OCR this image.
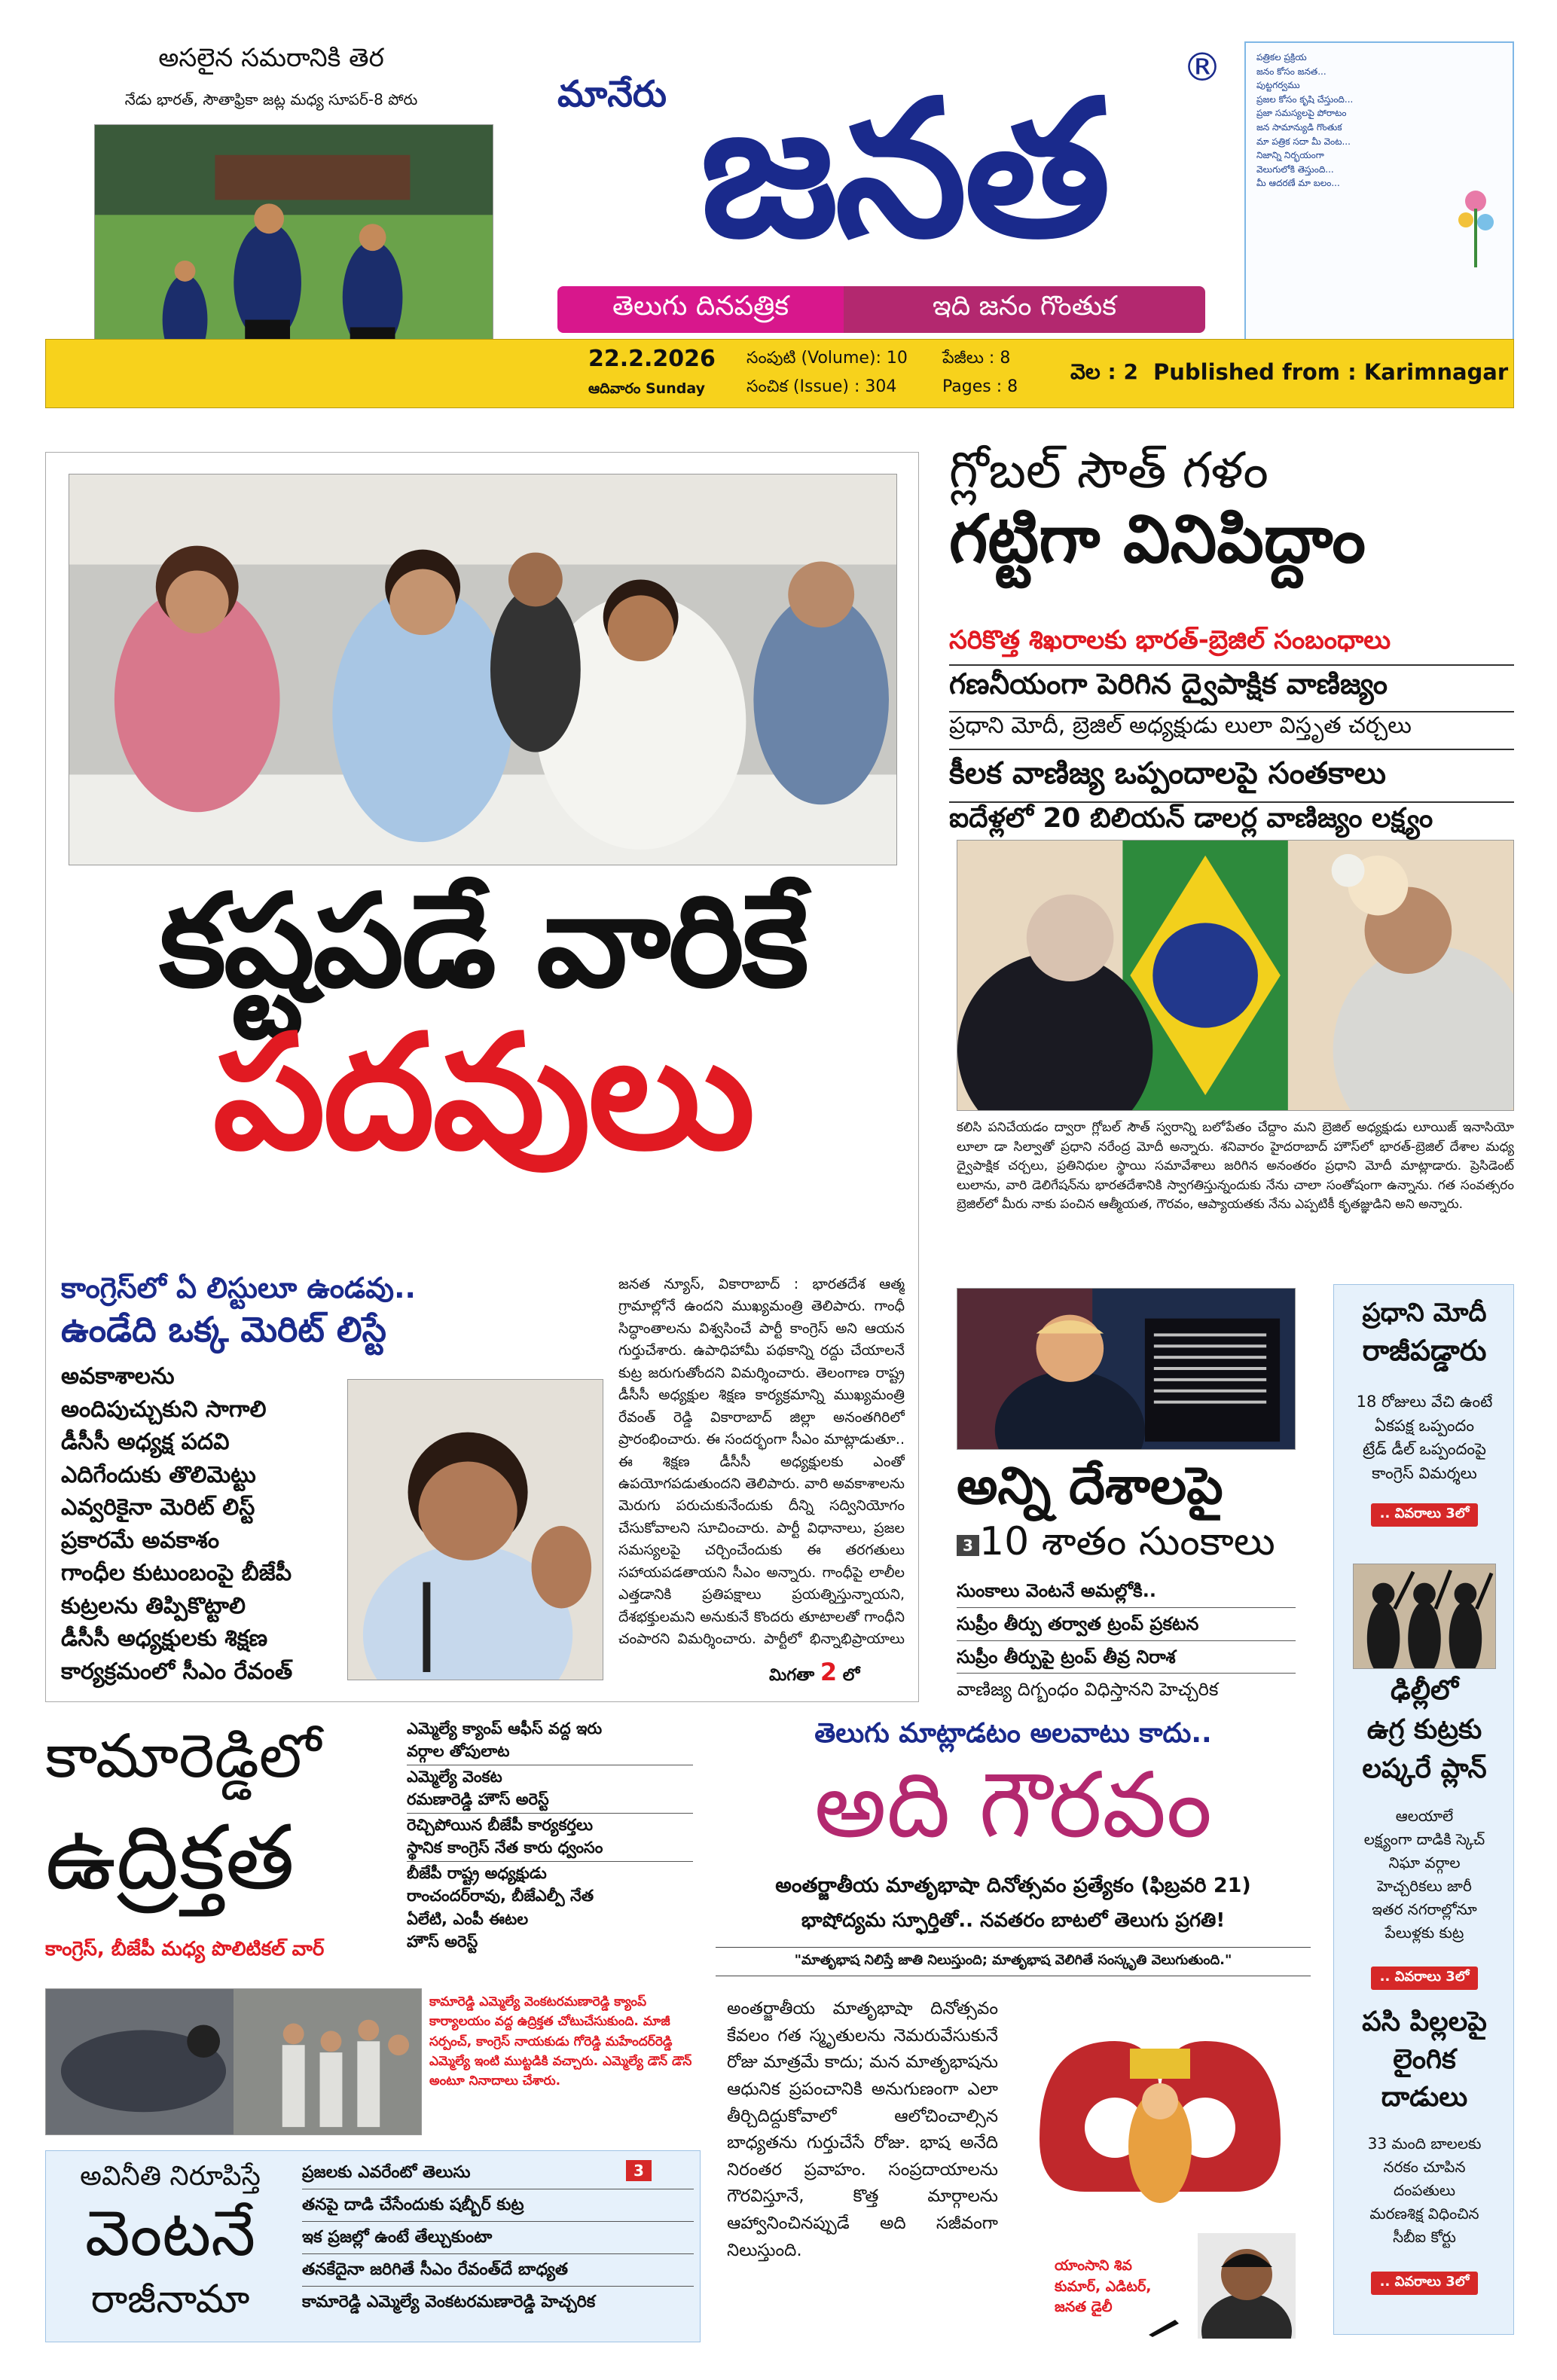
అసలైన సమరానికి తెర
నేడు భారత్, సౌతాఫ్రికా జట్ల మధ్య సూపర్‌-8 పోరు	మానేరు జనత	®
తెలుగు దినపత్రిక	ఇది జనం గొంతుక
పత్రికల ప్రక్రియ
జనం కోసం జనత...
పుట్టగర్వము
ప్రజల కోసం కృషి చేస్తుంది...
ప్రజా సమస్యలపై పోరాటం
జన సామాన్యుడి గొంతుక
మా పత్రిక సదా మీ వెంట...
నిజాన్ని నిర్భయంగా
వెలుగులోకి తెస్తుంది...
మీ ఆదరణే మా బలం...
22.2.2026
ఆదివారం Sunday
సంపుటి (Volume): 10
సంచిక (Issue) : 304
పేజీలు : 8
Pages : 8
వెల : 2 Published from : Karimnagar
కష్టపడే వారికే
పదవులు
కాంగ్రెస్‌లో ఏ లిస్టులూ ఉండవు..
ఉండేది ఒక్క మెరిట్ లిస్టే
అవకాశాలను
అందిపుచ్చుకుని సాగాలి
డీసీసీ అధ్యక్ష పదవి
ఎదిగేందుకు తొలిమెట్టు
ఎవ్వరికైనా మెరిట్ లిస్ట్
ప్రకారమే అవకాశం
గాంధీల కుటుంబంపై బీజేపీ
కుట్రలను తిప్పికొట్టాలి
డీసీసీ అధ్యక్షులకు శిక్షణ
కార్యక్రమంలో సీఎం రేవంత్
జనత న్యూస్, వికారాబాద్ : భారతదేశ ఆత్మ గ్రామాల్లోనే ఉందని ముఖ్యమంత్రి తెలిపారు. గాంధీ సిద్ధాంతాలను విశ్వసించే పార్టీ కాంగ్రెస్ అని ఆయన గుర్తుచేశారు. ఉపాధిహామీ పథకాన్ని రద్దు చేయాలనే కుట్ర జరుగుతోందని విమర్శించారు. తెలంగాణ రాష్ట్ర డీసీసీ అధ్యక్షుల శిక్షణ కార్యక్రమాన్ని ముఖ్యమంత్రి రేవంత్ రెడ్డి వికారాబాద్ జిల్లా అనంతగిరిలో ప్రారంభించారు. ఈ సందర్భంగా సీఎం మాట్లాడుతూ.. ఈ శిక్షణ డీసీసీ అధ్యక్షులకు ఎంతో ఉపయోగపడుతుందని తెలిపారు. వారి అవకాశాలను మెరుగు పరుచుకునేందుకు దీన్ని సద్వినియోగం చేసుకోవాలని సూచించారు. పార్టీ విధానాలు, ప్రజల సమస్యలపై చర్చించేందుకు ఈ తరగతులు సహాయపడతాయని సీఎం అన్నారు. గాంధీపై లాలీల ఎత్తడానికి ప్రతిపక్షాలు ప్రయత్నిస్తున్నాయని, దేశభక్తులమని అనుకునే కొందరు తూటాలతో గాంధీని చంపారని విమర్శించారు. పార్టీలో భిన్నాభిప్రాయాలు
మిగతా 2 లో
గ్లోబల్ సౌత్ గళం
గట్టిగా వినిపిద్దాం
సరికొత్త శిఖరాలకు భారత్‌-బ్రెజిల్ సంబంధాలు
గణనీయంగా పెరిగిన ద్వైపాక్షిక వాణిజ్యం
ప్రధాని మోదీ, బ్రెజిల్ అధ్యక్షుడు లులా విస్తృత చర్చలు
కీలక వాణిజ్య ఒప్పందాలపై సంతకాలు
ఐదేళ్లలో 20 బిలియన్ డాలర్ల వాణిజ్యం లక్ష్యం
కలిసి పనిచేయడం ద్వారా గ్లోబల్ సౌత్ స్వరాన్ని బలోపేతం చేద్దాం మని బ్రెజిల్ అధ్యక్షుడు లూయిజ్ ఇనాసియో లూలా డా సిల్వాతో ప్రధాని నరేంద్ర మోదీ అన్నారు. శనివారం హైదరాబాద్ హౌస్‌లో భారత్-బ్రెజిల్ దేశాల మధ్య ద్వైపాక్షిక చర్చలు, ప్రతినిధుల స్థాయి సమావేశాలు జరిగిన అనంతరం ప్రధాని మోదీ మాట్లాడారు. ప్రెసిడెంట్ లులాను, వారి డెలిగేషన్‌ను భారతదేశానికి స్వాగతిస్తున్నందుకు నేను చాలా సంతోషంగా ఉన్నాను. గత సంవత్సరం బ్రెజిల్‌లో మీరు నాకు పంచిన ఆత్మీయత, గౌరవం, ఆప్యాయతకు నేను ఎప్పటికీ కృతజ్ఞుడిని అని అన్నారు.
అన్ని దేశాలపై
3 10 శాతం సుంకాలు
సుంకాలు వెంటనే అమల్లోకి..
సుప్రీం తీర్పు తర్వాత ట్రంప్ ప్రకటన
సుప్రీం తీర్పుపై ట్రంప్ తీవ్ర నిరాశ
వాణిజ్య దిగ్బంధం విధిస్తానని హెచ్చరిక
ప్రధాని మోదీ
రాజీపడ్డారు
18 రోజులు వేచి ఉంటే
ఏకపక్ష ఒప్పందం
ట్రేడ్ డీల్ ఒప్పందంపై
కాంగ్రెస్ విమర్శలు
.. వివరాలు 3లో
ఢిల్లీలో
ఉగ్ర కుట్రకు
లష్కరే ప్లాన్
ఆలయాలే
లక్ష్యంగా దాడికి స్కెచ్
నిఘా వర్గాల
హెచ్చరికలు జారీ
ఇతర నగరాల్లోనూ
పేలుళ్లకు కుట్ర
.. వివరాలు 3లో
పసి పిల్లలపై
లైంగిక
దాడులు
33 మంది బాలలకు
నరకం చూపిన
దంపతులు
మరణశిక్ష విధించిన
సీబీఐ కోర్టు
.. వివరాలు 3లో
కామారెడ్డిలో
ఉద్రిక్తత
కాంగ్రెస్, బీజేపీ మధ్య పొలిటికల్ వార్
ఎమ్మెల్యే క్యాంప్ ఆఫీస్ వద్ద ఇరు
వర్గాల తోపులాట
ఎమ్మెల్యే వెంకట
రమణారెడ్డి హౌస్ అరెస్ట్
రెచ్చిపోయిన బీజేపీ కార్యకర్తలు
స్థానిక కాంగ్రెస్ నేత కారు ధ్వంసం
బీజేపీ రాష్ట్ర అధ్యక్షుడు
రాంచందర్‌రావు, బీజేఎల్పీ నేత
ఏలేటి, ఎంపీ ఈటల
హౌస్ అరెస్ట్
కామారెడ్డి ఎమ్మెల్యే వెంకటరమణారెడ్డి క్యాంప్ కార్యాలయం వద్ద ఉద్రిక్తత చోటుచేసుకుంది. మాజీ సర్పంచ్, కాంగ్రెస్ నాయకుడు గోరెడ్డి మహేందర్‌రెడ్డి ఎమ్మెల్యే ఇంటి ముట్టడికి వచ్చారు. ఎమ్మెల్యే డౌన్ డౌన్ అంటూ నినాదాలు చేశారు.
అవినీతి నిరూపిస్తే
వెంటనే
రాజీనామా
3
ప్రజలకు ఎవరేంటో తెలుసు
తనపై దాడి చేసేందుకు షబ్బీర్ కుట్ర
ఇక ప్రజల్లో ఉంటే తేల్చుకుంటా
తనకేదైనా జరిగితే సీఎం రేవంత్‌దే బాధ్యత
కామారెడ్డి ఎమ్మెల్యే వెంకటరమణారెడ్డి హెచ్చరిక
తెలుగు మాట్లాడటం అలవాటు కాదు..
అది గౌరవం
అంతర్జాతీయ మాతృభాషా దినోత్సవం ప్రత్యేకం (ఫిబ్రవరి 21)
భాషోద్యమ స్ఫూర్తితో.. నవతరం బాటలో తెలుగు ప్రగతి!
"మాతృభాష నిలిస్తే జాతి నిలుస్తుంది; మాతృభాష వెలిగితే సంస్కృతి వెలుగుతుంది."
అంతర్జాతీయ మాతృభాషా దినోత్సవం కేవలం గత స్మృతులను నెమరువేసుకునే రోజు మాత్రమే కాదు; మన మాతృభాషను ఆధునిక ప్రపంచానికి అనుగుణంగా ఎలా తీర్చిదిద్దుకోవాలో ఆలోచించాల్సిన బాధ్యతను గుర్తుచేసే రోజు. భాష అనేది నిరంతర ప్రవాహం. సంప్రదాయాలను గౌరవిస్తూనే, కొత్త మార్గాలను ఆహ్వానించినప్పుడే అది సజీవంగా నిలుస్తుంది.
యాంసాని శివ
కుమార్, ఎడిటర్,
జనత డైలీ
